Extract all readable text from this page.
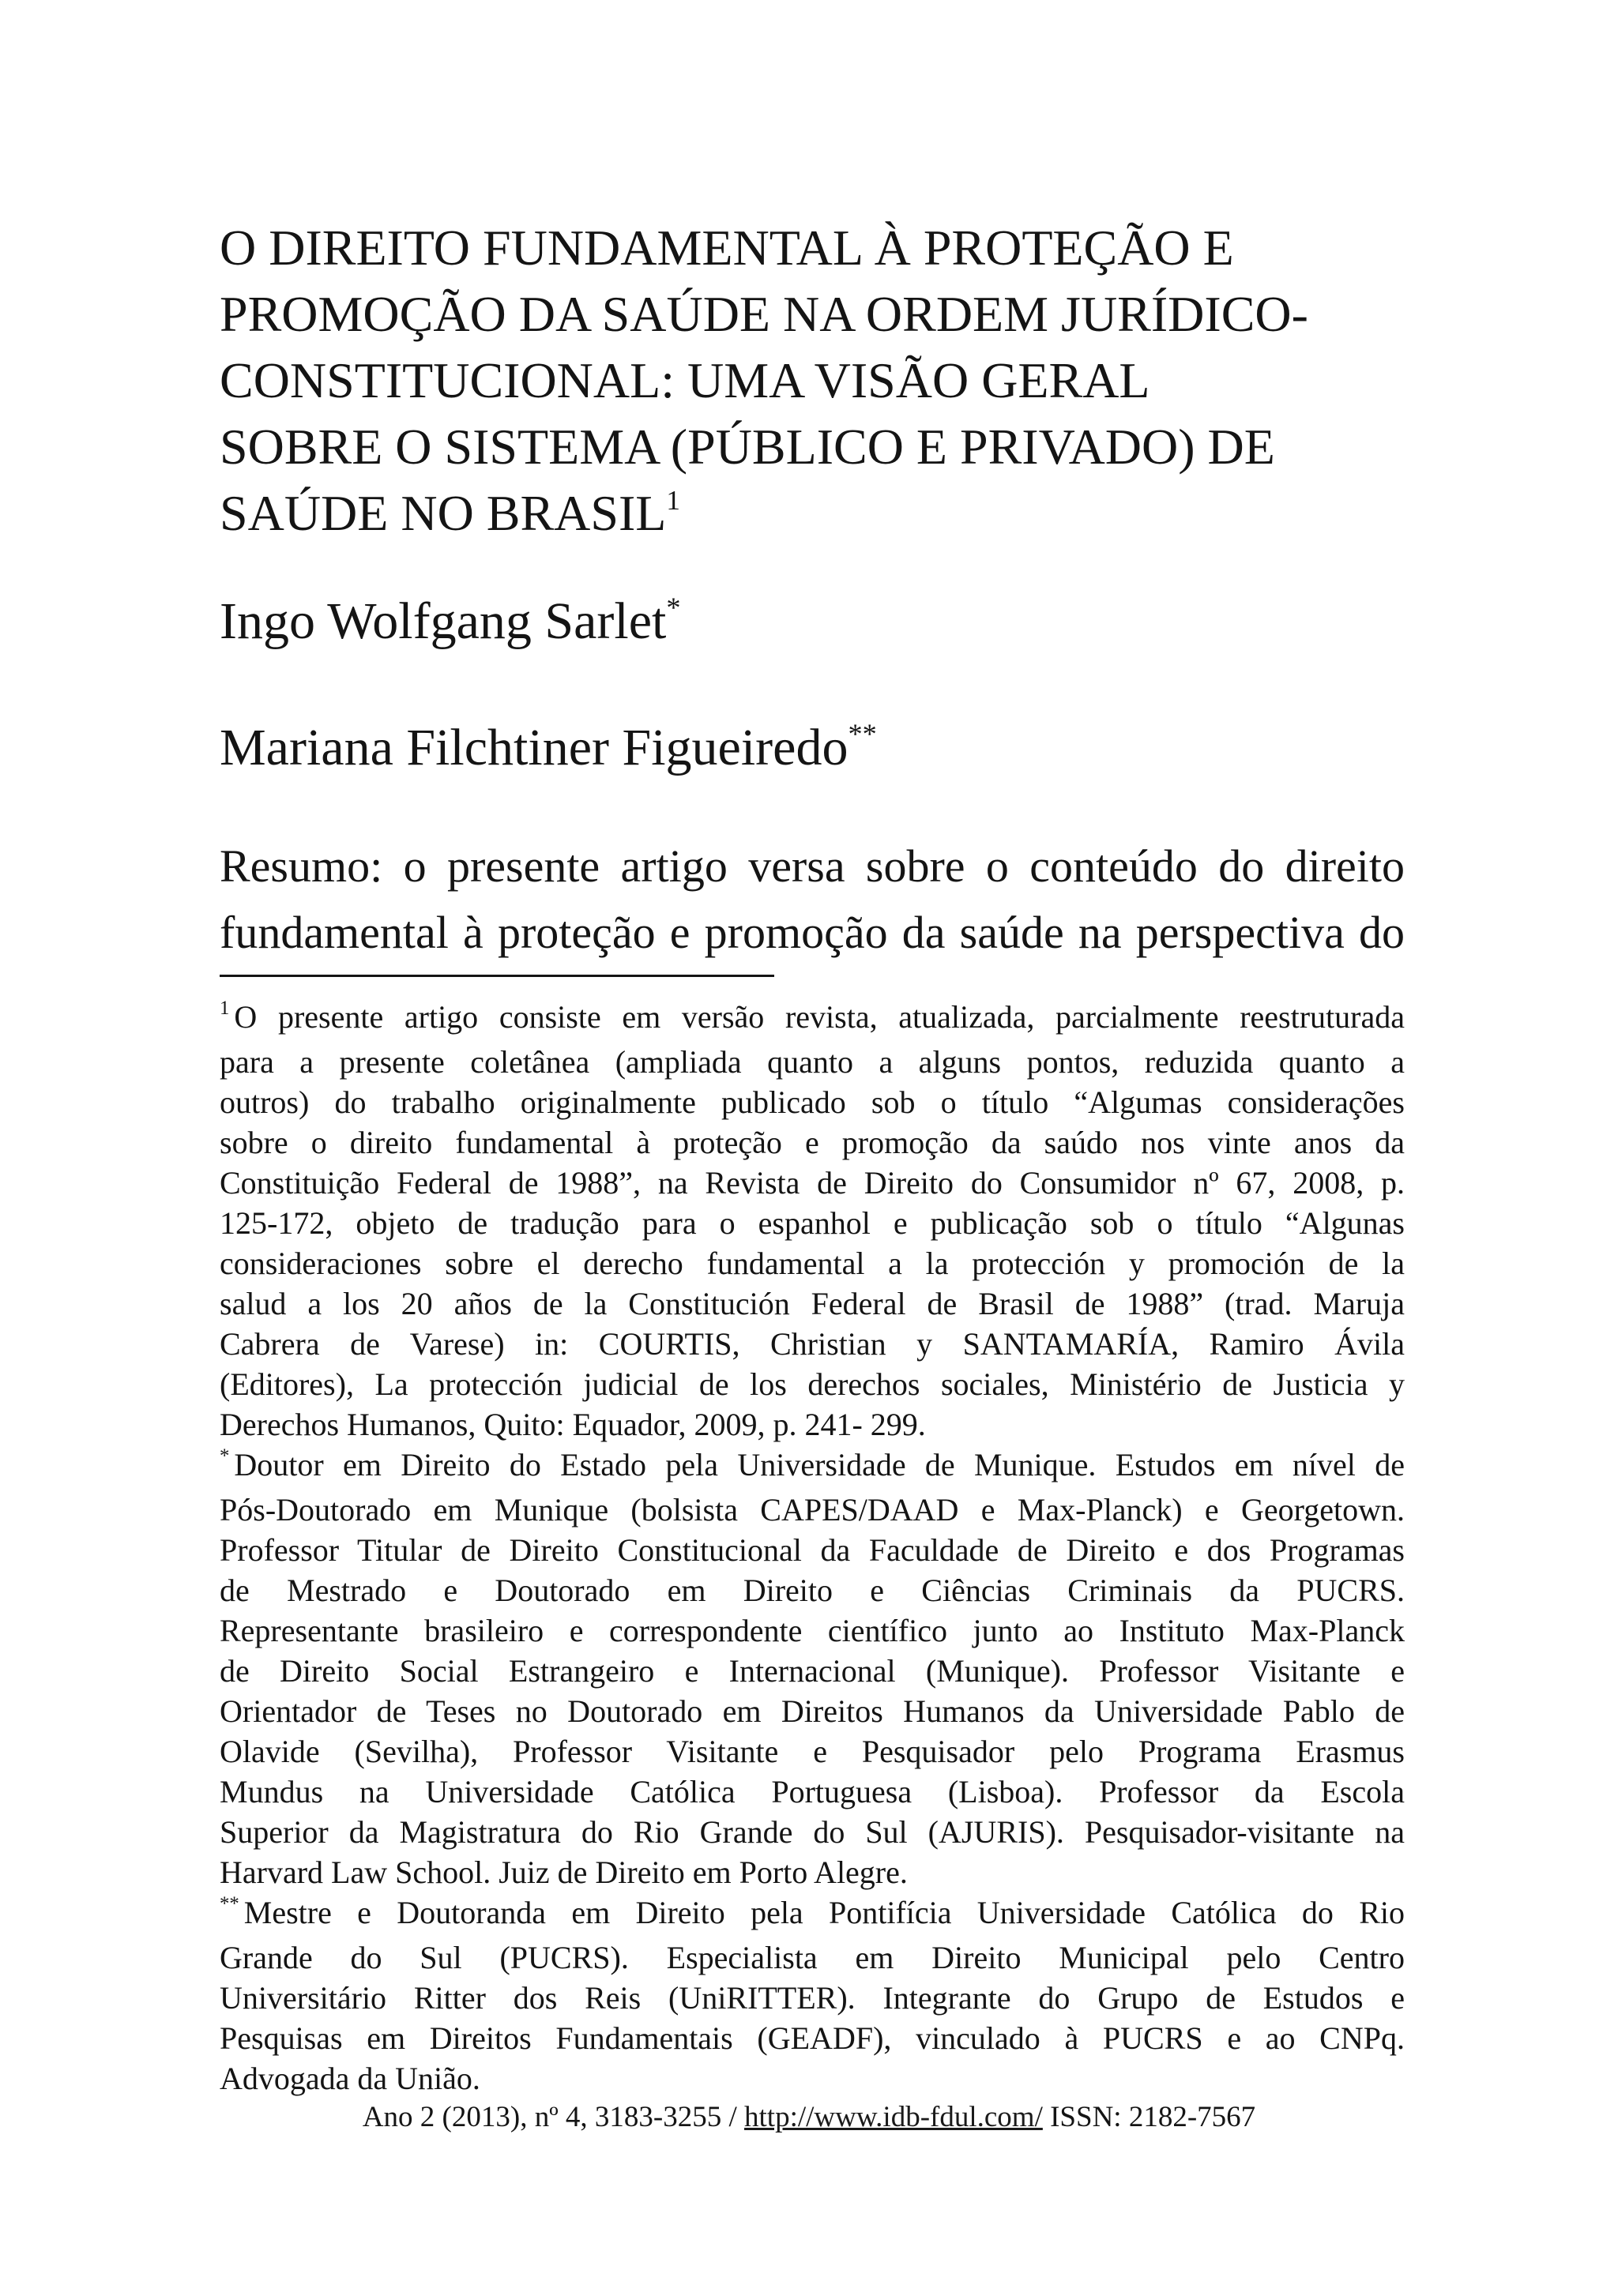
O DIREITO FUNDAMENTAL À PROTEÇÃO E
PROMOÇÃO DA SAÚDE NA ORDEM JURÍDICO-
CONSTITUCIONAL: UMA VISÃO GERAL
SOBRE O SISTEMA (PÚBLICO E PRIVADO) DE
SAÚDE NO BRASIL$^1$

Ingo Wolfgang Sarlet*

Mariana Filchtiner Figueiredo**

Resumo: o presente artigo versa sobre o conteúdo do direito
fundamental à proteção e promoção da saúde na perspectiva do

$^1$ O presente artigo consiste em versão revista, atualizada, parcialmente reestruturada
para a presente coletânea (ampliada quanto a alguns pontos, reduzida quanto a
outros) do trabalho originalmente publicado sob o título “Algumas considerações
sobre o direito fundamental à proteção e promoção da saúdo nos vinte anos da
Constituição Federal de 1988”, na Revista de Direito do Consumidor nº 67, 2008, p.
125-172, objeto de tradução para o espanhol e publicação sob o título “Algunas
consideraciones sobre el derecho fundamental a la protección y promoción de la
salud a los 20 años de la Constitución Federal de Brasil de 1988” (trad. Maruja
Cabrera de Varese) in: COURTIS, Christian y SANTAMARÍA, Ramiro Ávila
(Editores), La protección judicial de los derechos sociales, Ministério de Justicia y
Derechos Humanos, Quito: Equador, 2009, p. 241- 299.

* Doutor em Direito do Estado pela Universidade de Munique. Estudos em nível de
Pós-Doutorado em Munique (bolsista CAPES/DAAD e Max-Planck) e Georgetown.
Professor Titular de Direito Constitucional da Faculdade de Direito e dos Programas
de Mestrado e Doutorado em Direito e Ciências Criminais da PUCRS.
Representante brasileiro e correspondente científico junto ao Instituto Max-Planck
de Direito Social Estrangeiro e Internacional (Munique). Professor Visitante e
Orientador de Teses no Doutorado em Direitos Humanos da Universidade Pablo de
Olavide (Sevilha), Professor Visitante e Pesquisador pelo Programa Erasmus
Mundus na Universidade Católica Portuguesa (Lisboa). Professor da Escola
Superior da Magistratura do Rio Grande do Sul (AJURIS). Pesquisador-visitante na
Harvard Law School. Juiz de Direito em Porto Alegre.

** Mestre e Doutoranda em Direito pela Pontifícia Universidade Católica do Rio
Grande do Sul (PUCRS). Especialista em Direito Municipal pelo Centro
Universitário Ritter dos Reis (UniRITTER). Integrante do Grupo de Estudos e
Pesquisas em Direitos Fundamentais (GEADF), vinculado à PUCRS e ao CNPq.
Advogada da União.

Ano 2 (2013), nº 4, 3183-3255 / http://www.idb-fdul.com/ ISSN: 2182-7567
